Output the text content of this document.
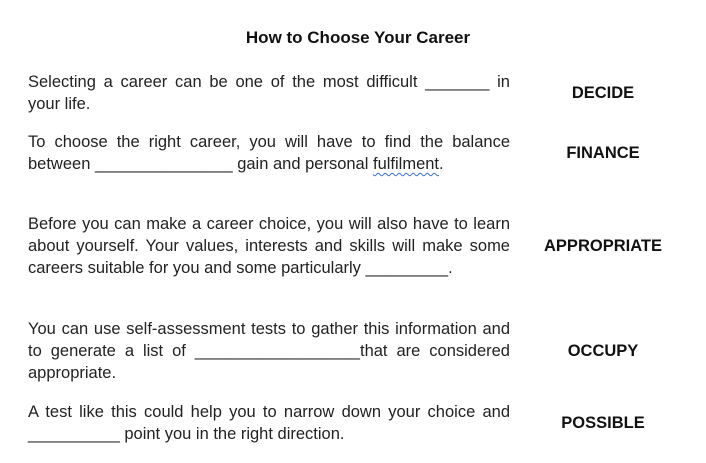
How to Choose Your Career
Selecting a career can be one of the most difficult _______ in your life.
DECIDE
To choose the right career, you will have to find the balance between _______________ gain and personal fulfilment.
FINANCE
Before you can make a career choice, you will also have to learn about yourself. Your values, interests and skills will make some careers suitable for you and some particularly _________.
APPROPRIATE
You can use self-assessment tests to gather this information and to generate a list of __________________that are considered appropriate.
OCCUPY
A test like this could help you to narrow down your choice and __________ point you in the right direction.
POSSIBLE
